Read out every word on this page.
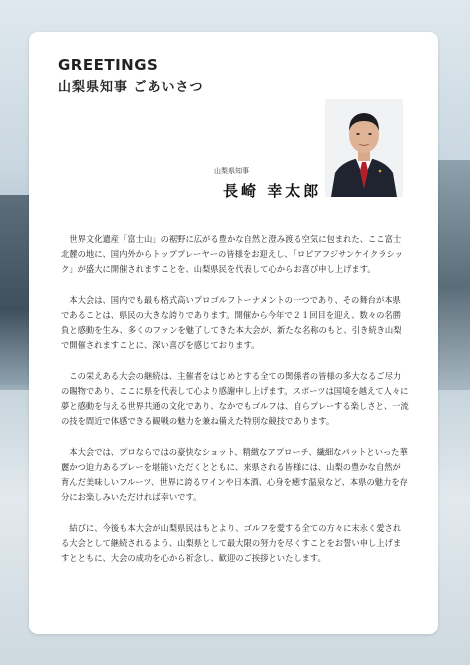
GREETINGS
山梨県知事 ごあいさつ
山梨県知事
長崎 幸太郎

世界文化遺産「富士山」の裾野に広がる豊かな自然と澄み渡る空気に包まれた、ここ富士北麓の地に、国内外からトッププレーヤーの皆様をお迎えし、「ロピアフジサンケイクラシック」が盛大に開催されますことを、山梨県民を代表して心からお喜び申し上げます。

本大会は、国内でも最も格式高いプロゴルフトーナメントの一つであり、その舞台が本県であることは、県民の大きな誇りであります。開催から今年で２１回目を迎え、数々の名勝負と感動を生み、多くのファンを魅了してきた本大会が、新たな名称のもと、引き続き山梨で開催されますことに、深い喜びを感じております。

この栄えある大会の継続は、主催者をはじめとする全ての関係者の皆様の多大なるご尽力の賜物であり、ここに県を代表して心より感謝申し上げます。スポーツは国境を越えて人々に夢と感動を与える世界共通の文化であり、なかでもゴルフは、自らプレーする楽しさと、一流の技を間近で体感できる観戦の魅力を兼ね備えた特別な競技であります。

本大会では、プロならではの豪快なショット、精緻なアプローチ、繊細なパットといった華麗かつ迫力あるプレーを堪能いただくとともに、来県される皆様には、山梨の豊かな自然が育んだ美味しいフルーツ、世界に誇るワインや日本酒、心身を癒す温泉など、本県の魅力を存分にお楽しみいただければ幸いです。

結びに、今後も本大会が山梨県民はもとより、ゴルフを愛する全ての方々に末永く愛される大会として継続されるよう、山梨県として最大限の努力を尽くすことをお誓い申し上げますとともに、大会の成功を心から祈念し、歓迎のご挨拶といたします。
